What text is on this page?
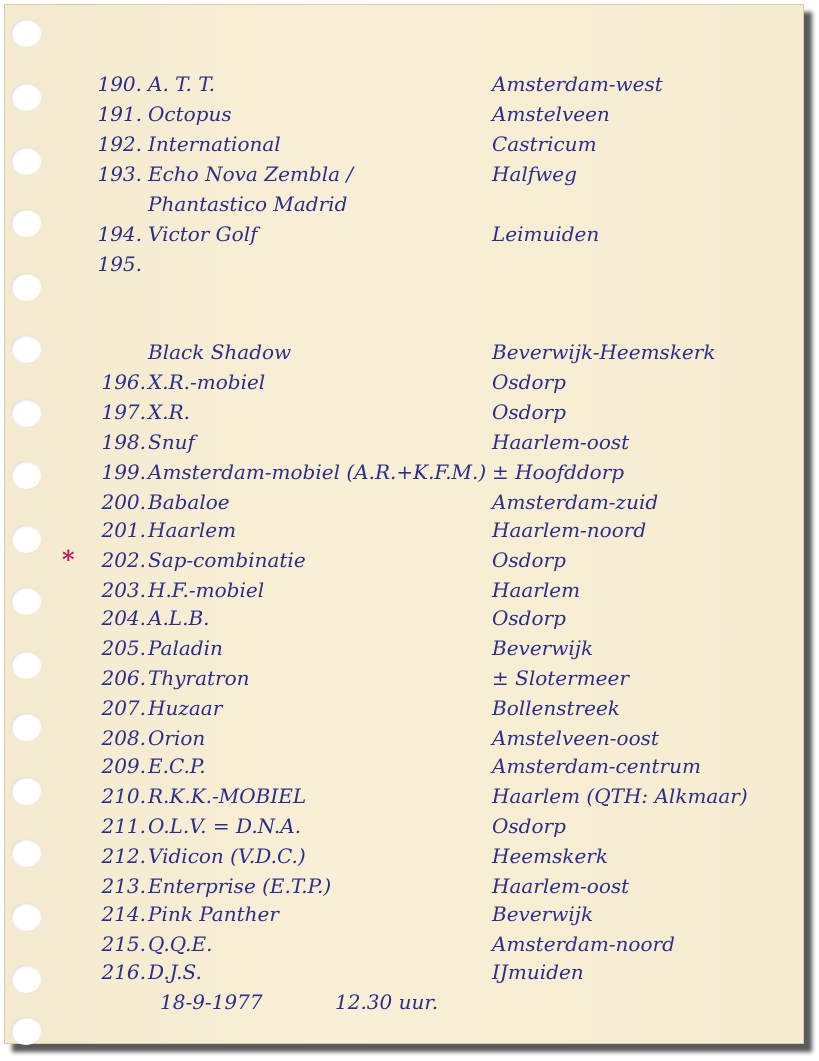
*
190. A. T. T.	Amsterdam-west
191. Octopus	Amstelveen
192. International	Castricum
193. Echo Nova Zembla /	Halfweg
Phantastico Madrid
194. Victor Golf	Leimuiden
195.
Black Shadow	Beverwijk-Heemskerk
196. X.R.-mobiel	Osdorp
197. X.R.	Osdorp
198. Snuf	Haarlem-oost
199. Amsterdam-mobiel (A.R.+K.F.M.) ± Hoofddorp
200. Babaloe	Amsterdam-zuid
201. Haarlem	Haarlem-noord
202. Sap-combinatie	Osdorp
203. H.F.-mobiel	Haarlem
204. A.L.B.	Osdorp
205. Paladin	Beverwijk
206. Thyratron	± Slotermeer
207. Huzaar	Bollenstreek
208. Orion	Amstelveen-oost
209. E.C.P.	Amsterdam-centrum
210. R.K.K.-MOBIEL	Haarlem (QTH: Alkmaar)
211. O.L.V. = D.N.A.	Osdorp
212. Vidicon (V.D.C.)	Heemskerk
213. Enterprise (E.T.P.)	Haarlem-oost
214. Pink Panther	Beverwijk
215. Q.Q.E.	Amsterdam-noord
216. D.J.S.	IJmuiden
18-9-1977	12.30 uur.
